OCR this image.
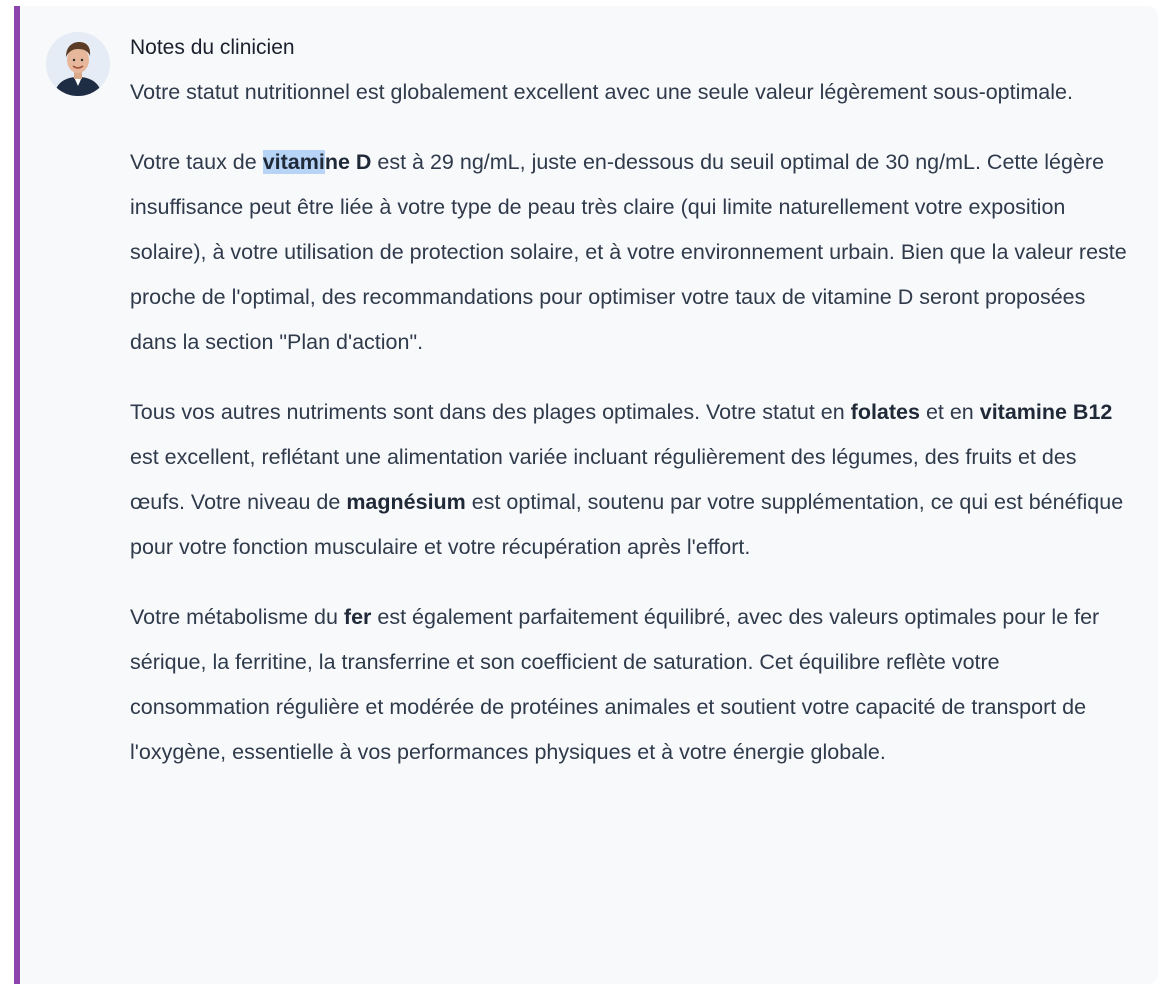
Notes du clinicien

Votre statut nutritionnel est globalement excellent avec une seule valeur légèrement sous-optimale.

Votre taux de vitamine D est à 29 ng/mL, juste en-dessous du seuil optimal de 30 ng/mL. Cette légère insuffisance peut être liée à votre type de peau très claire (qui limite naturellement votre exposition solaire), à votre utilisation de protection solaire, et à votre environnement urbain. Bien que la valeur reste proche de l'optimal, des recommandations pour optimiser votre taux de vitamine D seront proposées dans la section "Plan d'action".

Tous vos autres nutriments sont dans des plages optimales. Votre statut en folates et en vitamine B12 est excellent, reflétant une alimentation variée incluant régulièrement des légumes, des fruits et des œufs. Votre niveau de magnésium est optimal, soutenu par votre supplémentation, ce qui est bénéfique pour votre fonction musculaire et votre récupération après l'effort.

Votre métabolisme du fer est également parfaitement équilibré, avec des valeurs optimales pour le fer sérique, la ferritine, la transferrine et son coefficient de saturation. Cet équilibre reflète votre consommation régulière et modérée de protéines animales et soutient votre capacité de transport de l'oxygène, essentielle à vos performances physiques et à votre énergie globale.
